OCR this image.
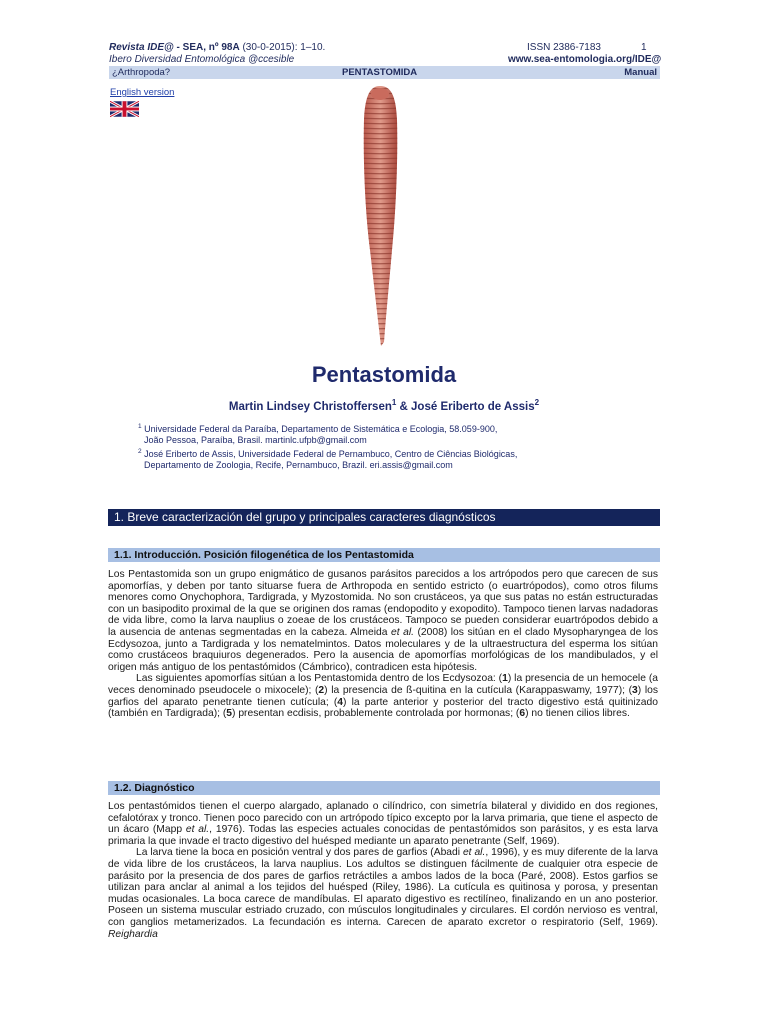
Revista IDE@ - SEA, nº 98A (30-0-2015): 1–10.	ISSN 2386-7183	1
Ibero Diversidad Entomológica @ccesible	www.sea-entomologia.org/IDE@
¿Arthropoda?	PENTASTOMIDA	Manual
English version
Pentastomida
Martin Lindsey Christoffersen$^1$ & José Eriberto de Assis$^2$
$^1$ Universidade Federal da Paraíba, Departamento de Sistemática e Ecologia, 58.059-900,
João Pessoa, Paraíba, Brasil. martinlc.ufpb@gmail.com
$^2$ José Eriberto de Assis, Universidade Federal de Pernambuco, Centro de Ciências Biológicas,
Departamento de Zoologia, Recife, Pernambuco, Brazil. eri.assis@gmail.com
1. Breve caracterización del grupo y principales caracteres diagnósticos
1.1. Introducción. Posición filogenética de los Pentastomida

Los Pentastomida son un grupo enigmático de gusanos parásitos parecidos a los artrópodos pero que carecen de sus apomorfías, y deben por tanto situarse fuera de Arthropoda en sentido estricto (o euartrópodos), como otros filums menores como Onychophora, Tardigrada, y Myzostomida. No son crustáceos, ya que sus patas no están estructuradas con un basipodito proximal de la que se originen dos ramas (endopodito y exopodito). Tampoco tienen larvas nadadoras de vida libre, como la larva nauplius o zoeae de los crustáceos. Tampoco se pueden considerar euartrópodos debido a la ausencia de antenas segmentadas en la cabeza. Almeida et al. (2008) los sitúan en el clado Mysopharyngea de los Ecdysozoa, junto a Tardigrada y los nematelmintos. Datos moleculares y de la ultraestructura del esperma los sitúan como crustáceos braquiuros degenerados. Pero la ausencia de apomorfías morfológicas de los mandibulados, y el origen más antiguo de los pentastómidos (Cámbrico), contradicen esta hipótesis.

Las siguientes apomorfías sitúan a los Pentastomida dentro de los Ecdysozoa: (1) la presencia de un hemocele (a veces denominado pseudocele o mixocele); (2) la presencia de ß-quitina en la cutícula (Karappaswamy, 1977); (3) los garfios del aparato penetrante tienen cutícula; (4) la parte anterior y posterior del tracto digestivo está quitinizado (también en Tardigrada); (5) presentan ecdisis, probablemente controlada por hormonas; (6) no tienen cilios libres.

1.2. Diagnóstico

Los pentastómidos tienen el cuerpo alargado, aplanado o cilíndrico, con simetría bilateral y dividido en dos regiones, cefalotórax y tronco. Tienen poco parecido con un artrópodo típico excepto por la larva primaria, que tiene el aspecto de un ácaro (Mapp et al., 1976). Todas las especies actuales conocidas de pentastómidos son parásitos, y es esta larva primaria la que invade el tracto digestivo del huésped mediante un aparato penetrante (Self, 1969).

La larva tiene la boca en posición ventral y dos pares de garfios (Abadi et al., 1996), y es muy diferente de la larva de vida libre de los crustáceos, la larva nauplius. Los adultos se distinguen fácilmente de cualquier otra especie de parásito por la presencia de dos pares de garfios retráctiles a ambos lados de la boca (Paré, 2008). Estos garfios se utilizan para anclar al animal a los tejidos del huésped (Riley, 1986). La cutícula es quitinosa y porosa, y presentan mudas ocasionales. La boca carece de mandíbulas. El aparato digestivo es rectilíneo, finalizando en un ano posterior. Poseen un sistema muscular estriado cruzado, con músculos longitudinales y circulares. El cordón nervioso es ventral, con ganglios metamerizados. La fecundación es interna. Carecen de aparato excretor o respiratorio (Self, 1969). Reighardia
